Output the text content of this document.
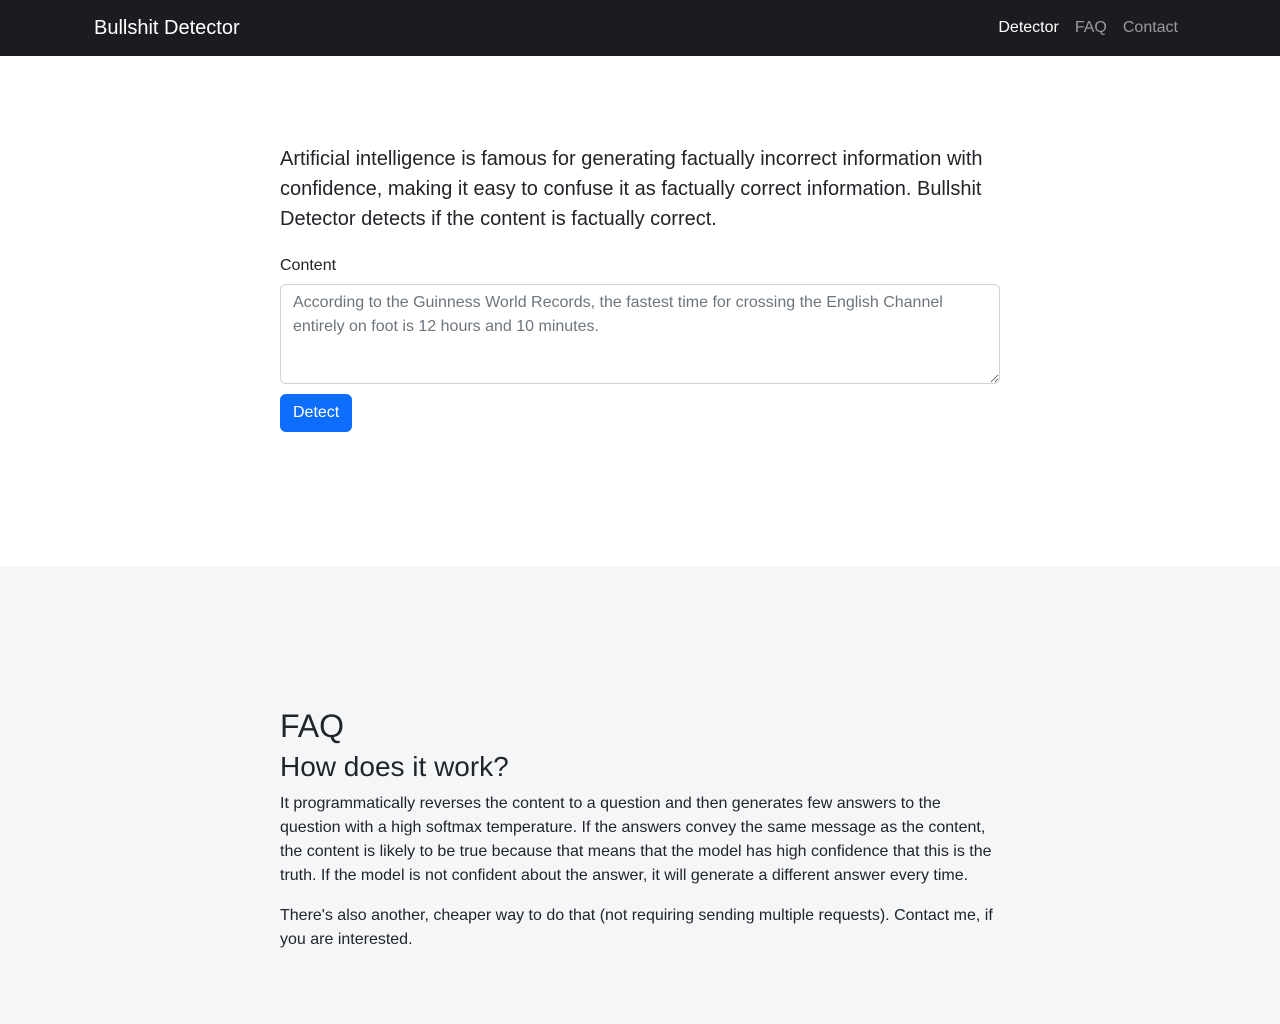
Bullshit Detector	Detector FAQ Contact
Artificial intelligence is famous for generating factually incorrect information with confidence, making it easy to confuse it as factually correct information. Bullshit Detector detects if the content is factually correct.
Content
According to the Guinness World Records, the fastest time for crossing the English Channel entirely on foot is 12 hours and 10 minutes. Detect
FAQ
How does it work?

It programmatically reverses the content to a question and then generates few answers to the question with a high softmax temperature. If the answers convey the same message as the content, the content is likely to be true because that means that the model has high confidence that this is the truth. If the model is not confident about the answer, it will generate a different answer every time.

There's also another, cheaper way to do that (not requiring sending multiple requests). Contact me, if you are interested.
